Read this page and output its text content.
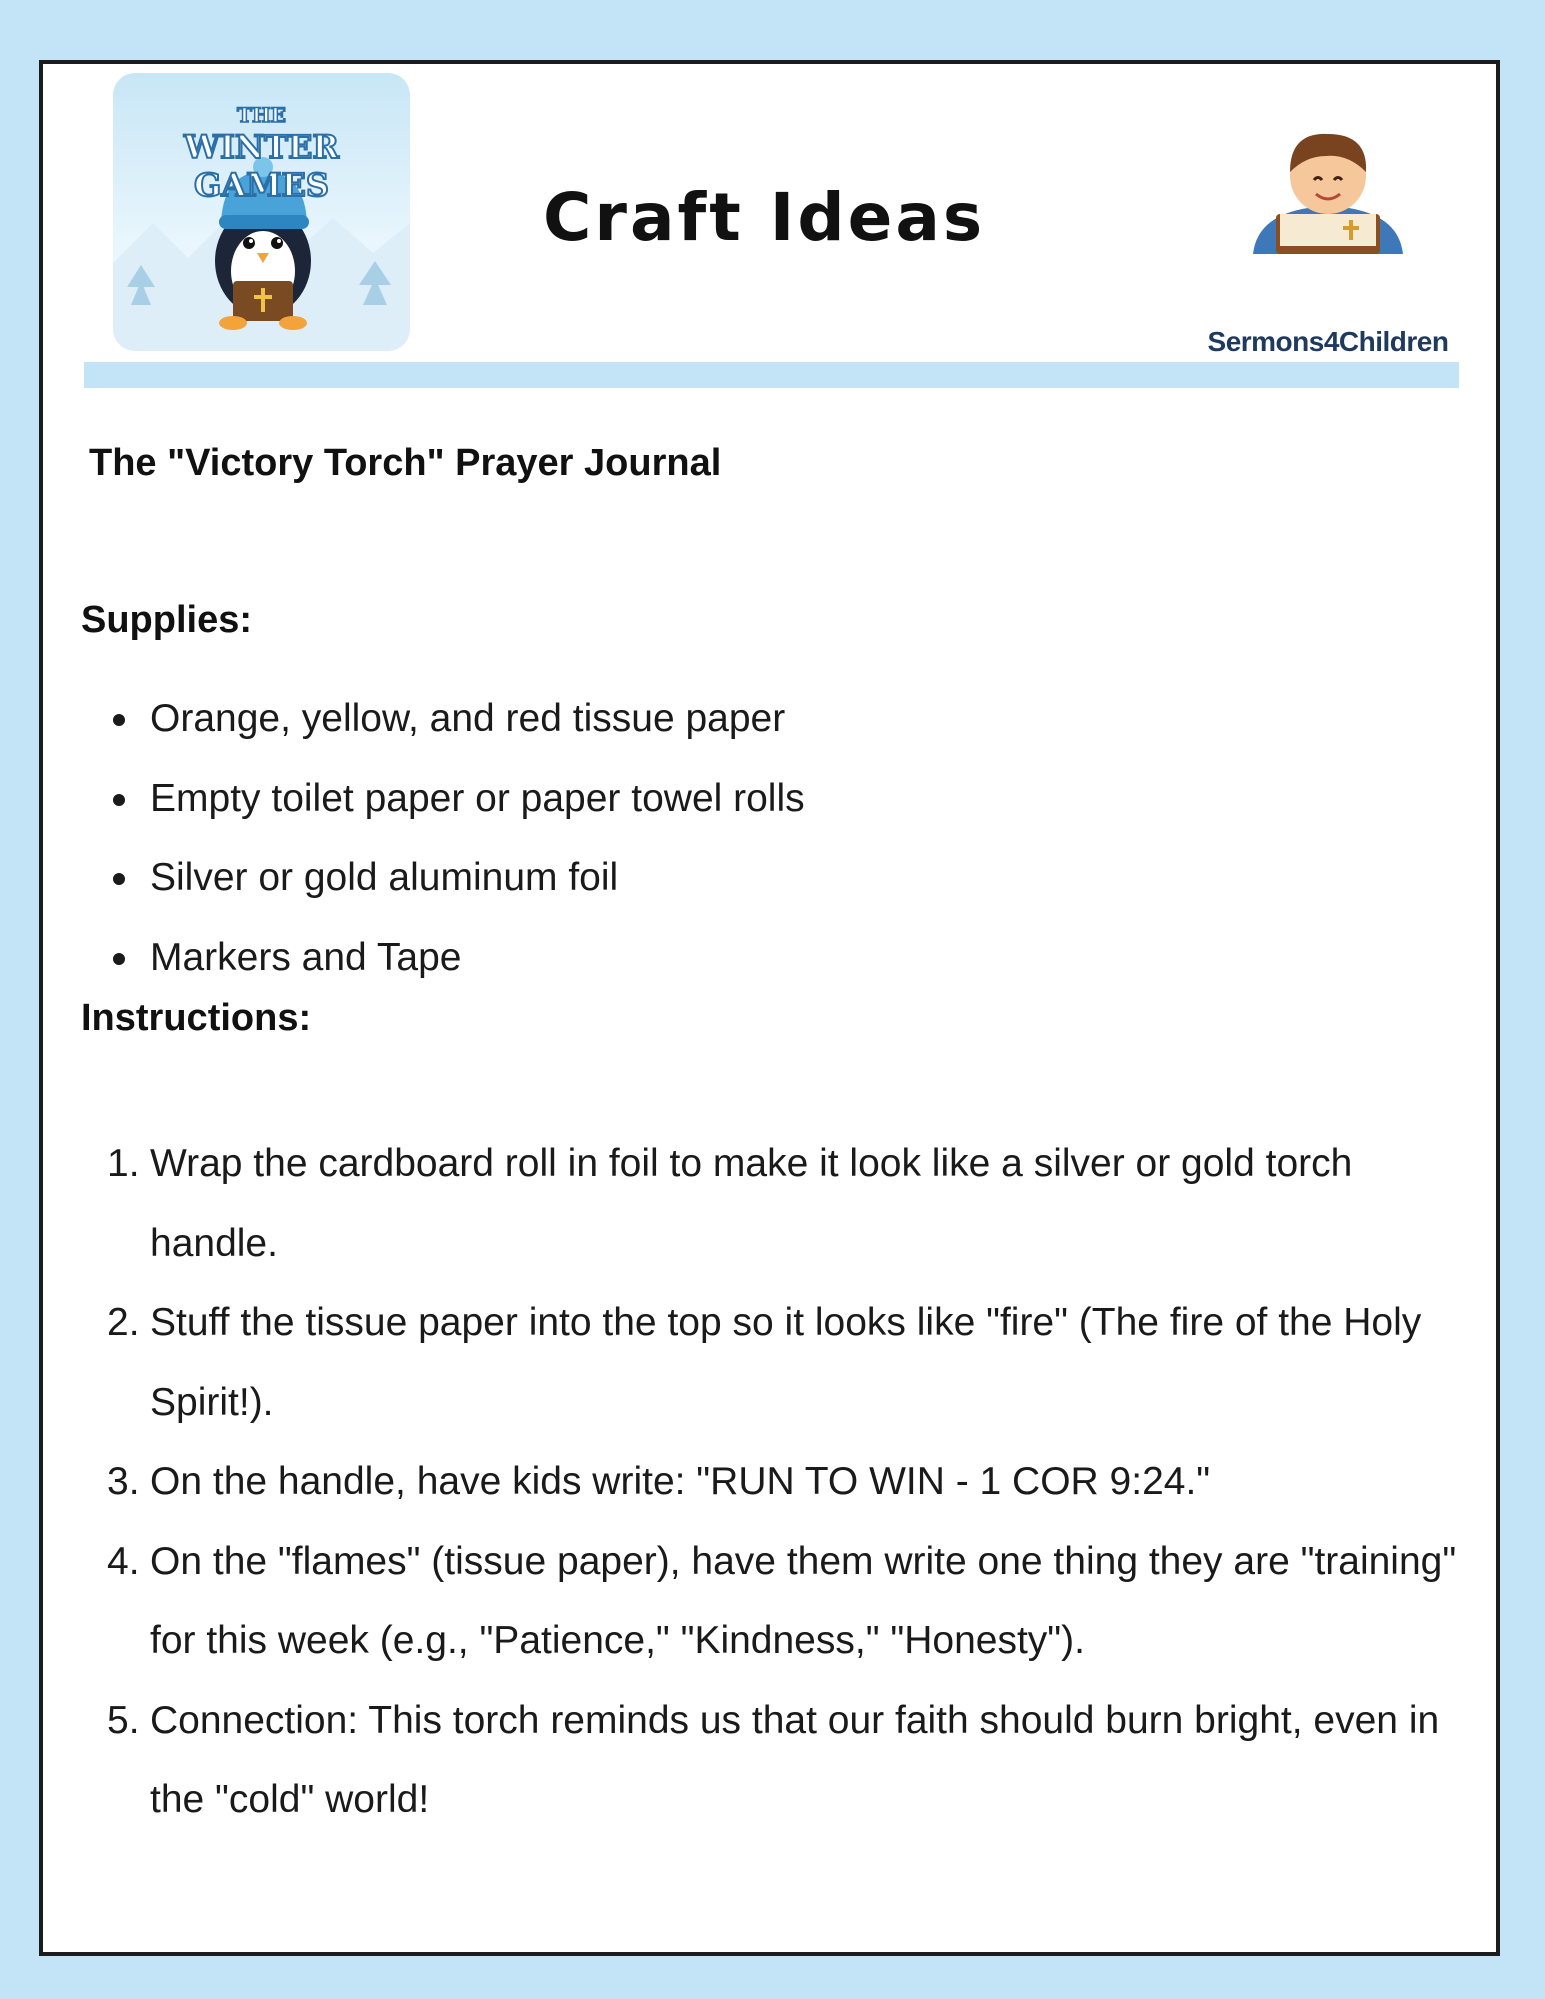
THE
WINTER GAMES	Craft Ideas
Sermons4Children
The "Victory Torch" Prayer Journal
Supplies:
Orange, yellow, and red tissue paper
Empty toilet paper or paper towel rolls
Silver or gold aluminum foil
Markers and Tape
Instructions:
1. Wrap the cardboard roll in foil to make it look like a silver or gold torch handle.
2. Stuff the tissue paper into the top so it looks like "fire" (The fire of the Holy Spirit!).
3. On the handle, have kids write: "RUN TO WIN - 1 COR 9:24."
4. On the "flames" (tissue paper), have them write one thing they are "training" for this week (e.g., "Patience," "Kindness," "Honesty").
5. Connection: This torch reminds us that our faith should burn bright, even in the "cold" world!
